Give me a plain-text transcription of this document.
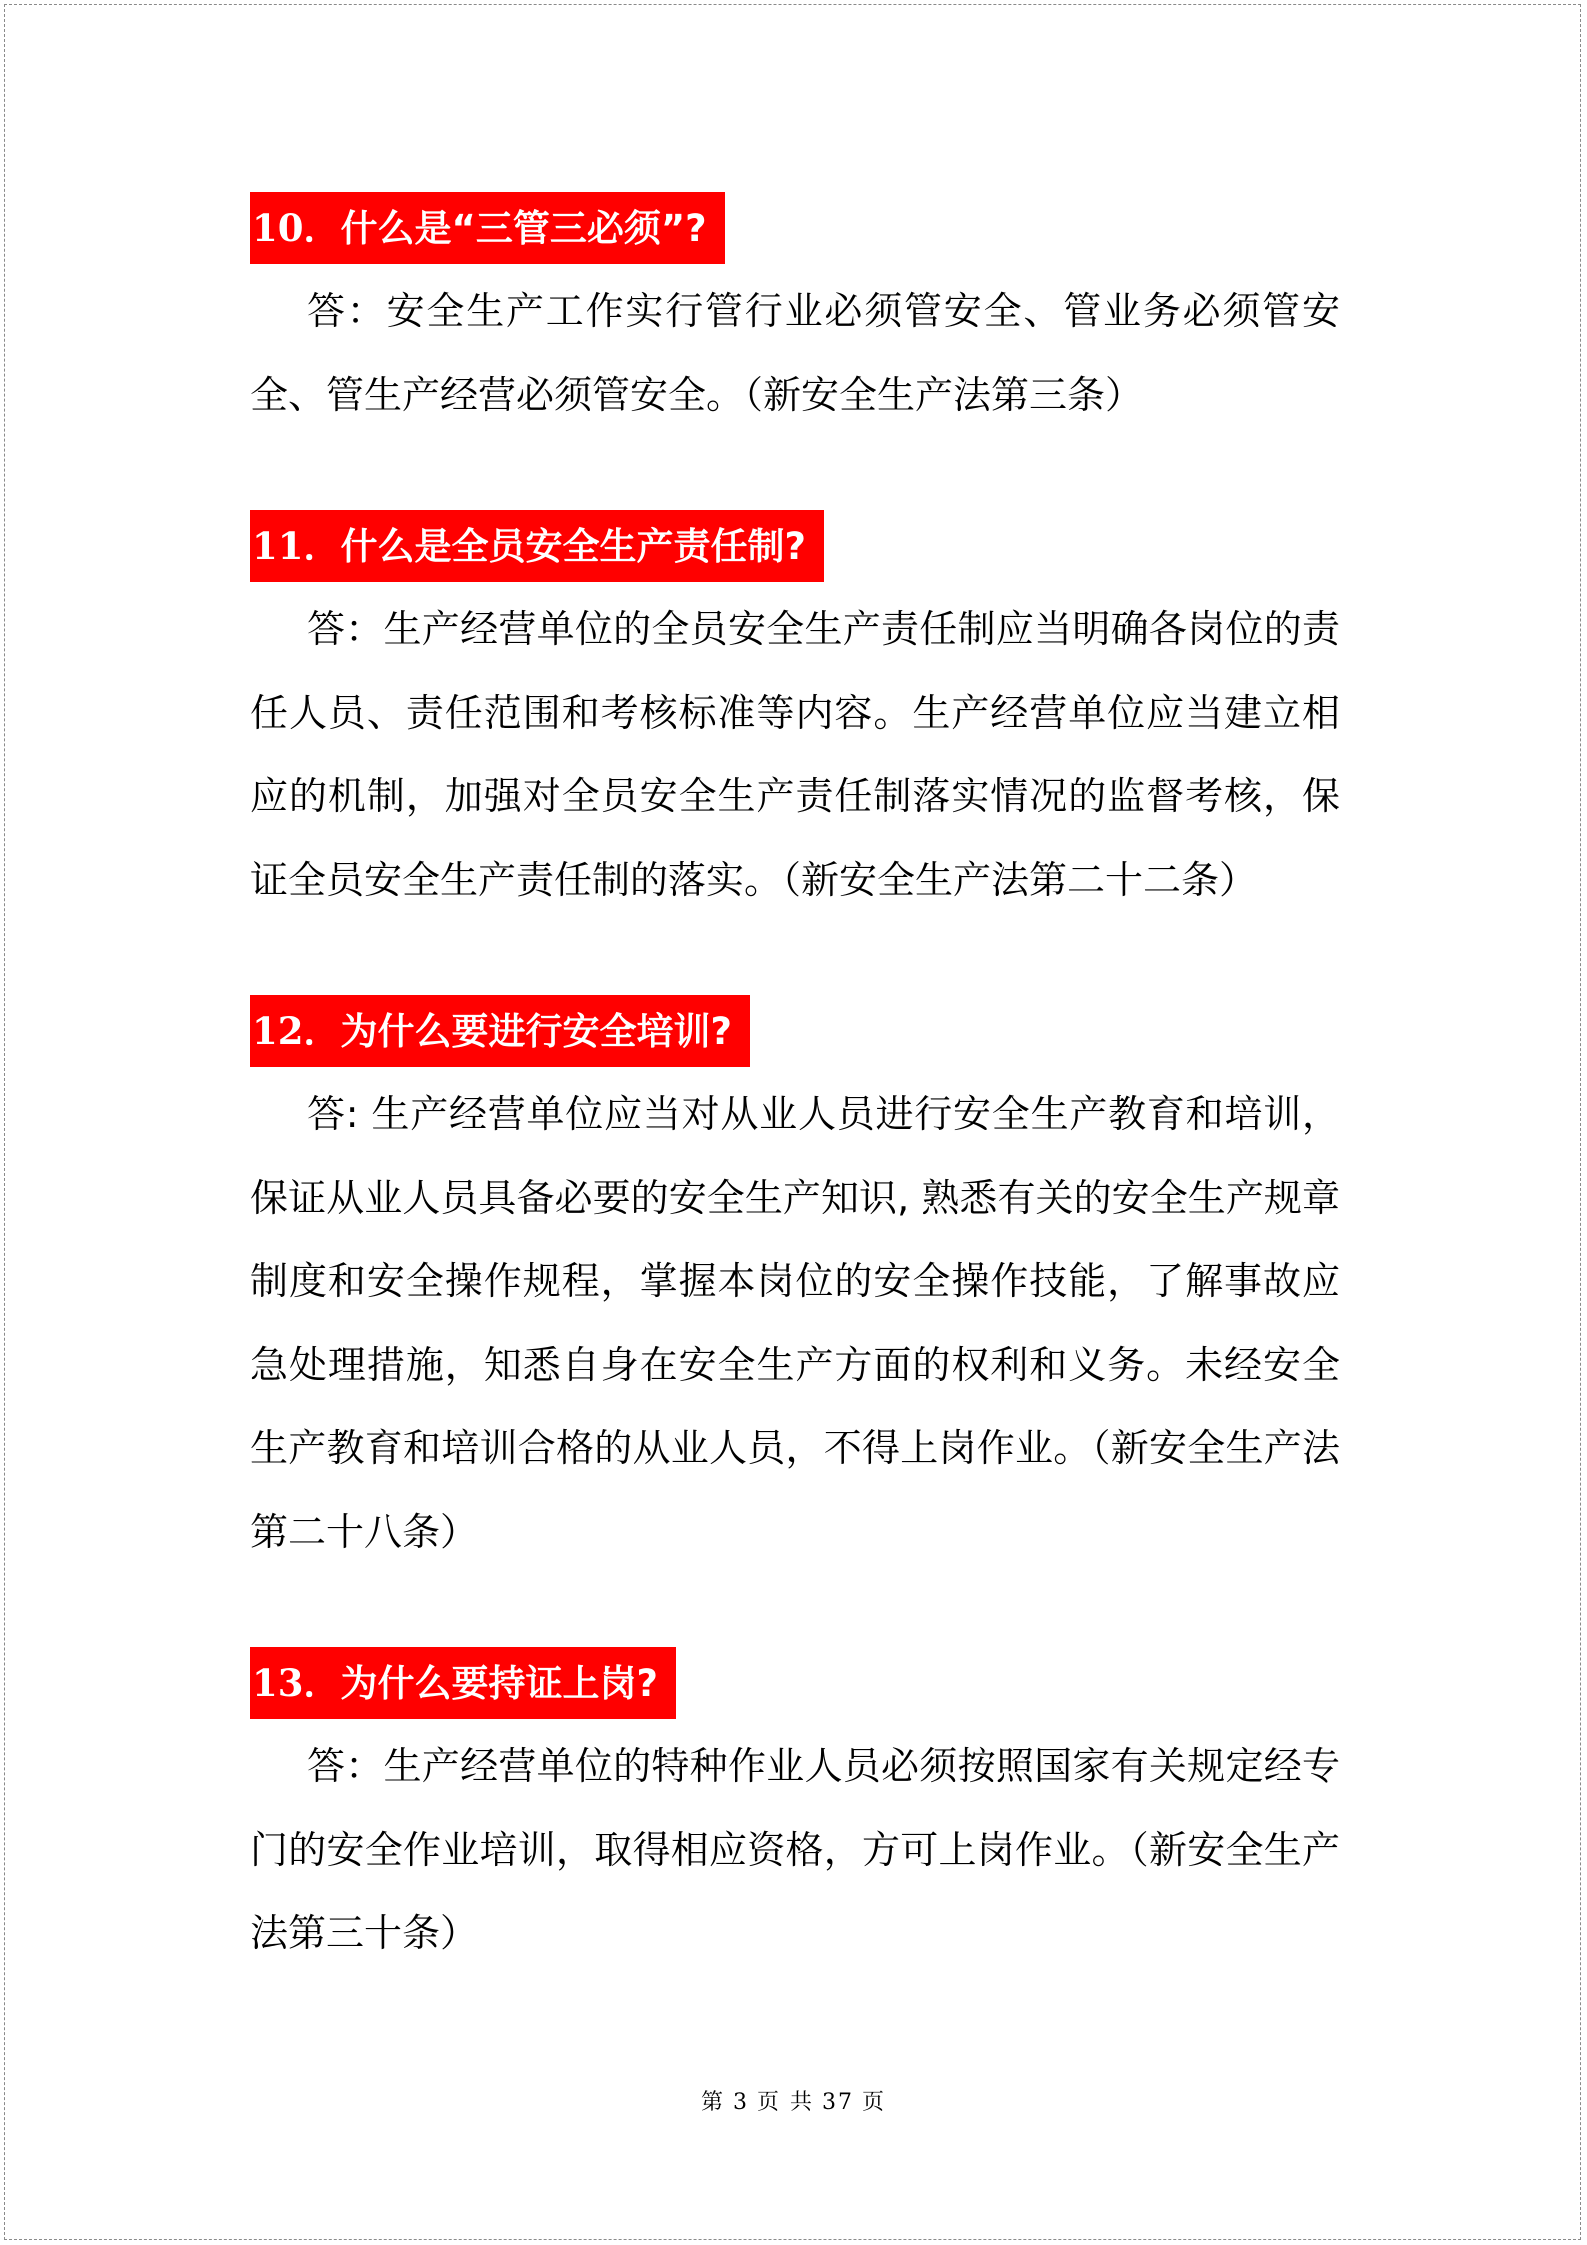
10．什么是“三管三必须”?

答：安全生产工作实行管行业必须管安全、管业务必须管安全、管生产经营必须管安全。（新安全生产法第三条）

11．什么是全员安全生产责任制?

答：生产经营单位的全员安全生产责任制应当明确各岗位的责任人员、责任范围和考核标准等内容。生产经营单位应当建立相应的机制，加强对全员安全生产责任制落实情况的监督考核，保证全员安全生产责任制的落实。（新安全生产法第二十二条）

12．为什么要进行安全培训?

答: 生产经营单位应当对从业人员进行安全生产教育和培训，保证从业人员具备必要的安全生产知识, 熟悉有关的安全生产规章制度和安全操作规程，掌握本岗位的安全操作技能，了解事故应急处理措施，知悉自身在安全生产方面的权利和义务。未经安全生产教育和培训合格的从业人员，不得上岗作业。（新安全生产法第二十八条）

13．为什么要持证上岗?

答：生产经营单位的特种作业人员必须按照国家有关规定经专门的安全作业培训，取得相应资格，方可上岗作业。（新安全生产法第三十条）

第 3 页 共 37 页
